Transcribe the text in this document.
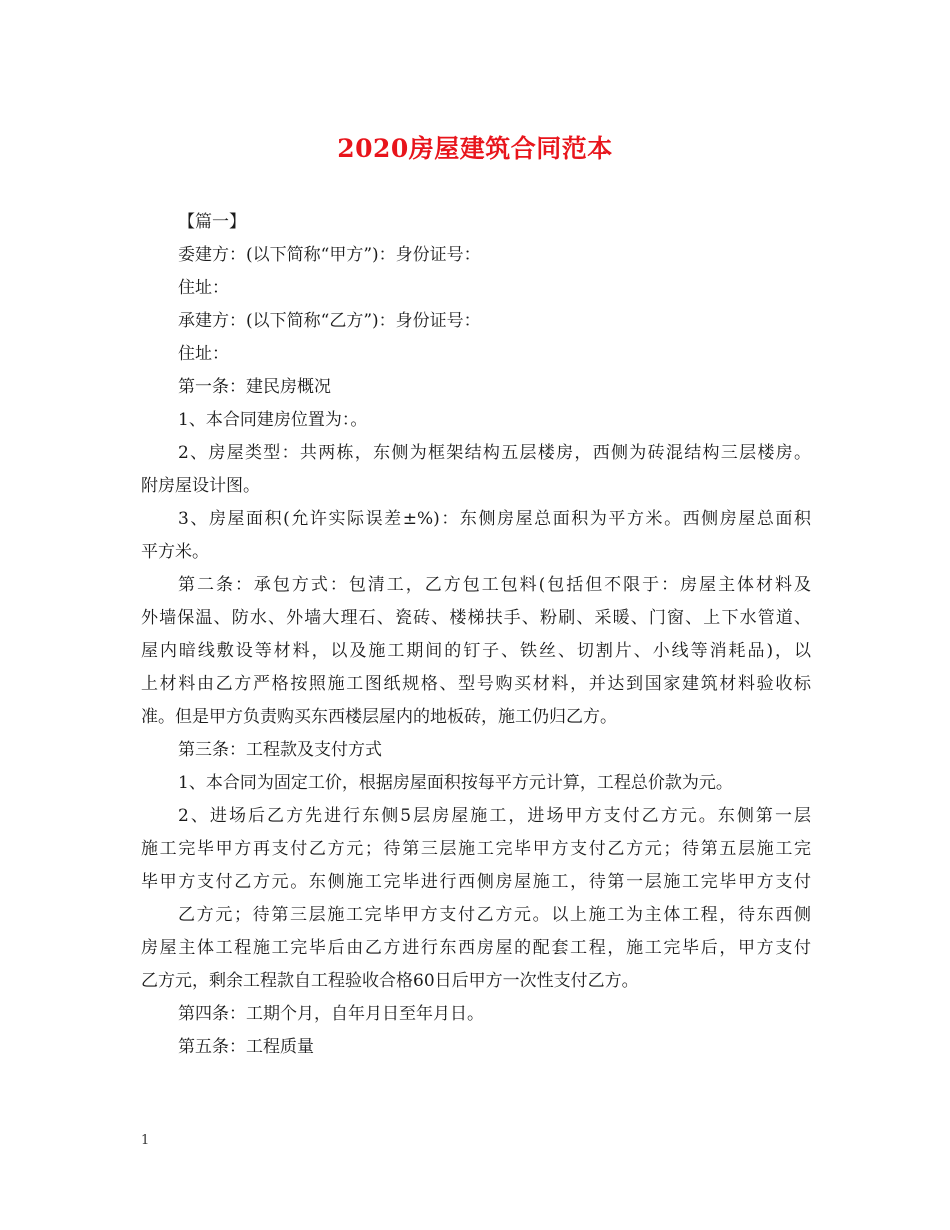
2020房屋建筑合同范本
【篇一】
委建方：(以下简称“甲方”)：身份证号：
住址：
承建方：(以下简称“乙方”)：身份证号：
住址：
第一条：建民房概况
1、本合同建房位置为：。
2、房屋类型：共两栋，东侧为框架结构五层楼房，西侧为砖混结构三层楼房。
附房屋设计图。
3、房屋面积(允许实际误差±%)：东侧房屋总面积为平方米。西侧房屋总面积
平方米。
第二条：承包方式：包清工，乙方包工包料(包括但不限于：房屋主体材料及
外墙保温、防水、外墙大理石、瓷砖、楼梯扶手、粉刷、采暖、门窗、上下水管道、
屋内暗线敷设等材料，以及施工期间的钉子、铁丝、切割片、小线等消耗品)，以
上材料由乙方严格按照施工图纸规格、型号购买材料，并达到国家建筑材料验收标
准。但是甲方负责购买东西楼层屋内的地板砖，施工仍归乙方。
第三条：工程款及支付方式
1、本合同为固定工价，根据房屋面积按每平方元计算，工程总价款为元。
2、进场后乙方先进行东侧5层房屋施工，进场甲方支付乙方元。东侧第一层
施工完毕甲方再支付乙方元；待第三层施工完毕甲方支付乙方元；待第五层施工完
毕甲方支付乙方元。东侧施工完毕进行西侧房屋施工，待第一层施工完毕甲方支付
乙方元；待第三层施工完毕甲方支付乙方元。以上施工为主体工程，待东西侧
房屋主体工程施工完毕后由乙方进行东西房屋的配套工程，施工完毕后，甲方支付
乙方元，剩余工程款自工程验收合格60日后甲方一次性支付乙方。
第四条：工期个月，自年月日至年月日。
第五条：工程质量
1
